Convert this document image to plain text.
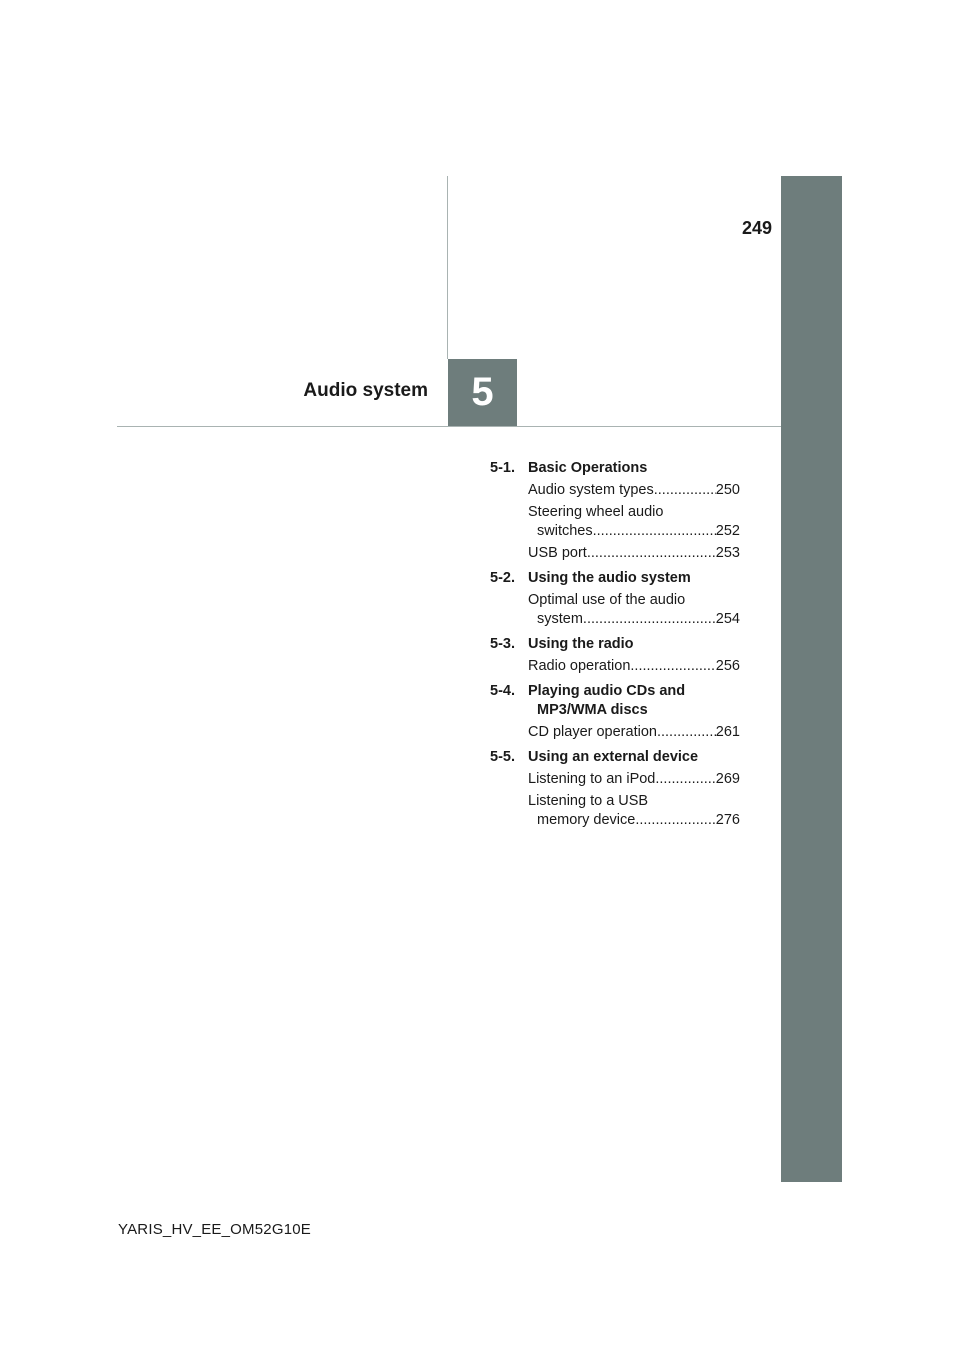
249
Audio system 5
5-1. Basic Operations
Audio system types .....	250
Steering wheel audio
switches .....	252
USB port .....	253
5-2. Using the audio system
Optimal use of the audio
system .....	254
5-3. Using the radio
Radio operation .....	256
5-4. Playing audio CDs and
MP3/WMA discs
CD player operation .....	261
5-5. Using an external device
Listening to an iPod .....	269
Listening to a USB
memory device .....	276
YARIS_HV_EE_OM52G10E
